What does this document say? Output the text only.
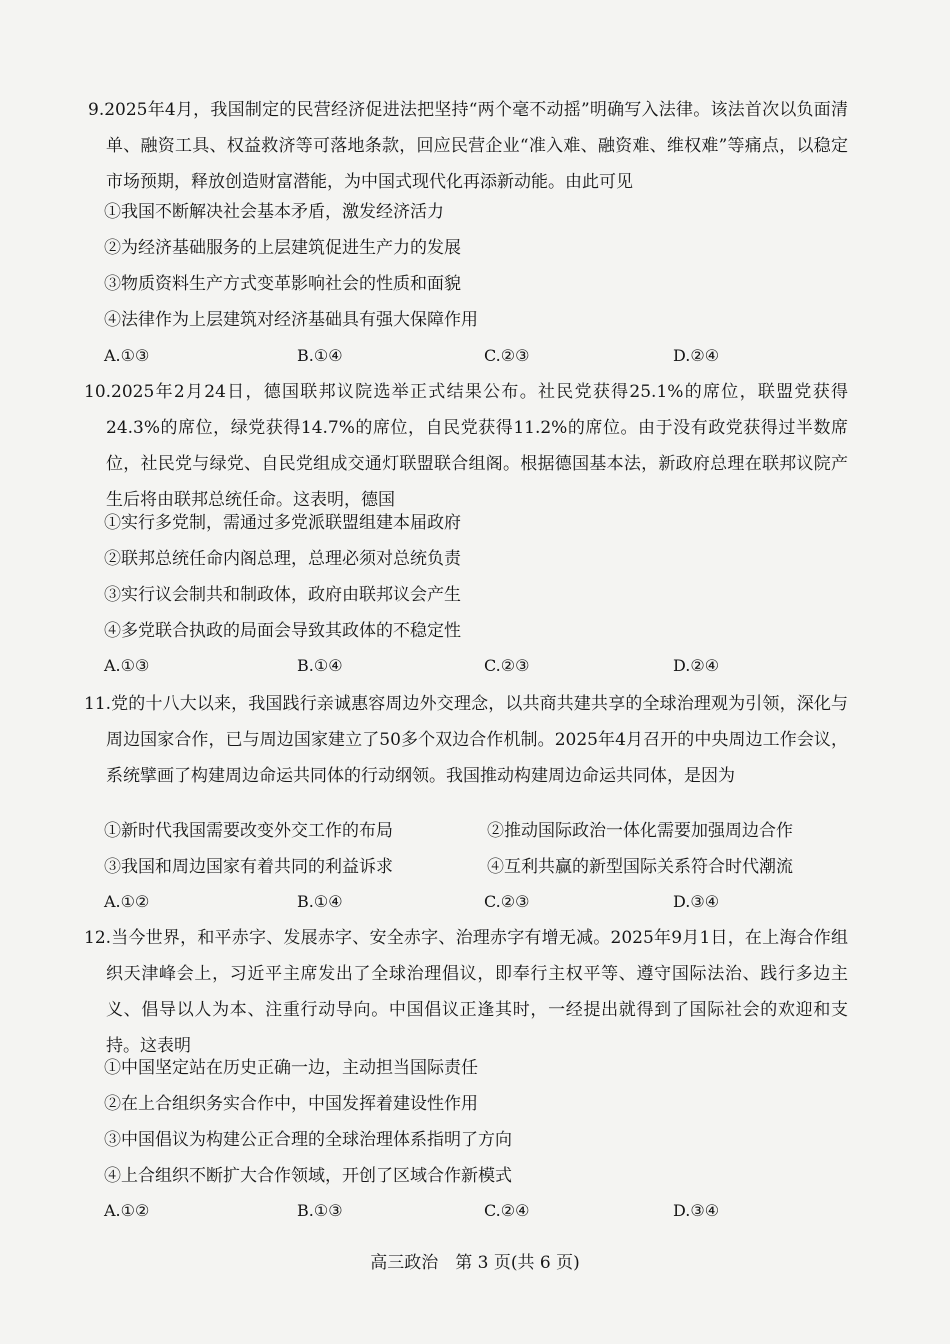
9.2025年4月，我国制定的民营经济促进法把坚持“两个毫不动摇”明确写入法律。该法首次以负面清单、融资工具、权益救济等可落地条款，回应民营企业“准入难、融资难、维权难”等痛点，以稳定市场预期，释放创造财富潜能，为中国式现代化再添新动能。由此可见

①我国不断解决社会基本矛盾，激发经济活力
②为经济基础服务的上层建筑促进生产力的发展
③物质资料生产方式变革影响社会的性质和面貌
④法律作为上层建筑对经济基础具有强大保障作用
A.①③	B.①④	C.②③	D.②④

10.2025年2月24日，德国联邦议院选举正式结果公布。社民党获得25.1%的席位，联盟党获得24.3%的席位，绿党获得14.7%的席位，自民党获得11.2%的席位。由于没有政党获得过半数席位，社民党与绿党、自民党组成交通灯联盟联合组阁。根据德国基本法，新政府总理在联邦议院产生后将由联邦总统任命。这表明，德国

①实行多党制，需通过多党派联盟组建本届政府
②联邦总统任命内阁总理，总理必须对总统负责
③实行议会制共和制政体，政府由联邦议会产生
④多党联合执政的局面会导致其政体的不稳定性
A.①③	B.①④	C.②③	D.②④

11.党的十八大以来，我国践行亲诚惠容周边外交理念，以共商共建共享的全球治理观为引领，深化与周边国家合作，已与周边国家建立了50多个双边合作机制。2025年4月召开的中央周边工作会议，系统擘画了构建周边命运共同体的行动纲领。我国推动构建周边命运共同体，是因为

①新时代我国需要改变外交工作的布局	②推动国际政治一体化需要加强周边合作
③我国和周边国家有着共同的利益诉求	④互利共赢的新型国际关系符合时代潮流
A.①②	B.①④	C.②③	D.③④

12.当今世界，和平赤字、发展赤字、安全赤字、治理赤字有增无减。2025年9月1日，在上海合作组织天津峰会上，习近平主席发出了全球治理倡议，即奉行主权平等、遵守国际法治、践行多边主义、倡导以人为本、注重行动导向。中国倡议正逢其时，一经提出就得到了国际社会的欢迎和支持。这表明

①中国坚定站在历史正确一边，主动担当国际责任
②在上合组织务实合作中，中国发挥着建设性作用
③中国倡议为构建公正合理的全球治理体系指明了方向
④上合组织不断扩大合作领域，开创了区域合作新模式
A.①②	B.①③	C.②④	D.③④
高三政治　第 3 页(共 6 页)
